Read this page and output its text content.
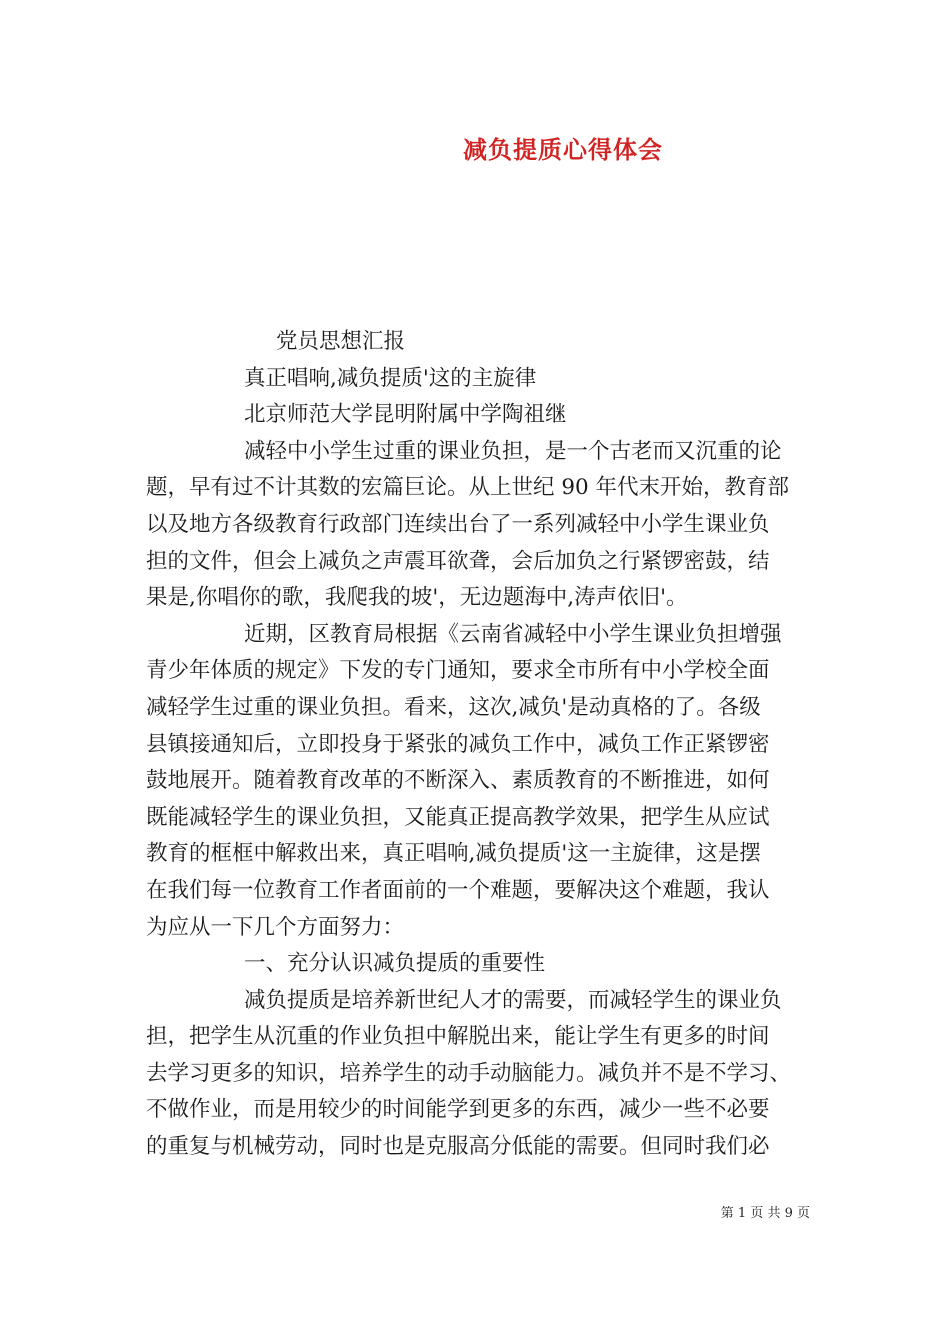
减负提质心得体会
党员思想汇报
真正唱响,减负提质'这的主旋律
北京师范大学昆明附属中学陶祖继
减轻中小学生过重的课业负担，是一个古老而又沉重的论
题，早有过不计其数的宏篇巨论。从上世纪 90 年代末开始，教育部
以及地方各级教育行政部门连续出台了一系列减轻中小学生课业负
担的文件，但会上减负之声震耳欲聋，会后加负之行紧锣密鼓，结
果是,你唱你的歌，我爬我的坡'，无边题海中,涛声依旧'。
近期，区教育局根据《云南省减轻中小学生课业负担增强
青少年体质的规定》下发的专门通知，要求全市所有中小学校全面
减轻学生过重的课业负担。看来，这次,减负'是动真格的了。各级
县镇接通知后，立即投身于紧张的减负工作中，减负工作正紧锣密
鼓地展开。随着教育改革的不断深入、素质教育的不断推进，如何
既能减轻学生的课业负担，又能真正提高教学效果，把学生从应试
教育的框框中解救出来，真正唱响,减负提质'这一主旋律，这是摆
在我们每一位教育工作者面前的一个难题，要解决这个难题，我认
为应从一下几个方面努力：
一、充分认识减负提质的重要性
减负提质是培养新世纪人才的需要，而减轻学生的课业负
担，把学生从沉重的作业负担中解脱出来，能让学生有更多的时间
去学习更多的知识，培养学生的动手动脑能力。减负并不是不学习、
不做作业，而是用较少的时间能学到更多的东西，减少一些不必要
的重复与机械劳动，同时也是克服高分低能的需要。但同时我们必
第 1 页 共 9 页
